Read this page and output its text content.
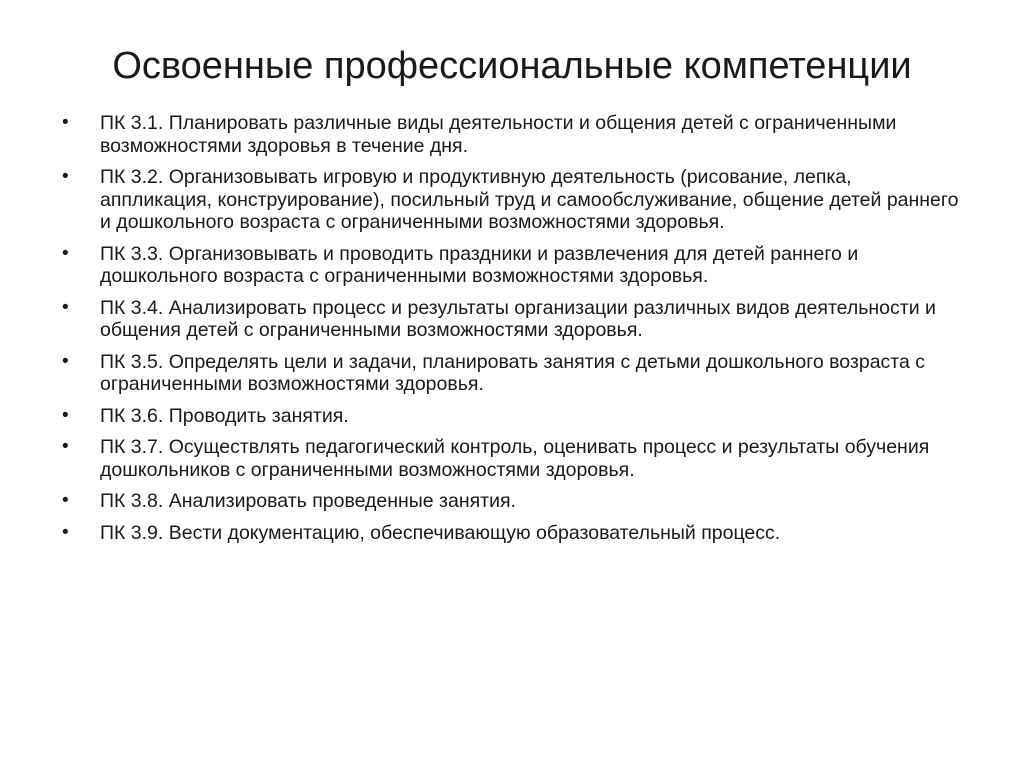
Освоенные профессиональные компетенции
•	ПК 3.1. Планировать различные виды деятельности и общения детей с ограниченными возможностями здоровья в течение дня.
•	ПК 3.2. Организовывать игровую и продуктивную деятельность (рисование, лепка, аппликация, конструирование), посильный труд и самообслуживание, общение детей раннего и дошкольного возраста с ограниченными возможностями здоровья.
•	ПК 3.3. Организовывать и проводить праздники и развлечения для детей раннего и дошкольного возраста с ограниченными возможностями здоровья.
•	ПК 3.4. Анализировать процесс и результаты организации различных видов деятельности и общения детей с ограниченными возможностями здоровья.
•	ПК 3.5. Определять цели и задачи, планировать занятия с детьми дошкольного возраста с ограниченными возможностями здоровья.
•	ПК 3.6. Проводить занятия.
•	ПК 3.7. Осуществлять педагогический контроль, оценивать процесс и результаты обучения дошкольников с ограниченными возможностями здоровья.
•	ПК 3.8. Анализировать проведенные занятия.
•	ПК 3.9. Вести документацию, обеспечивающую образовательный процесс.
